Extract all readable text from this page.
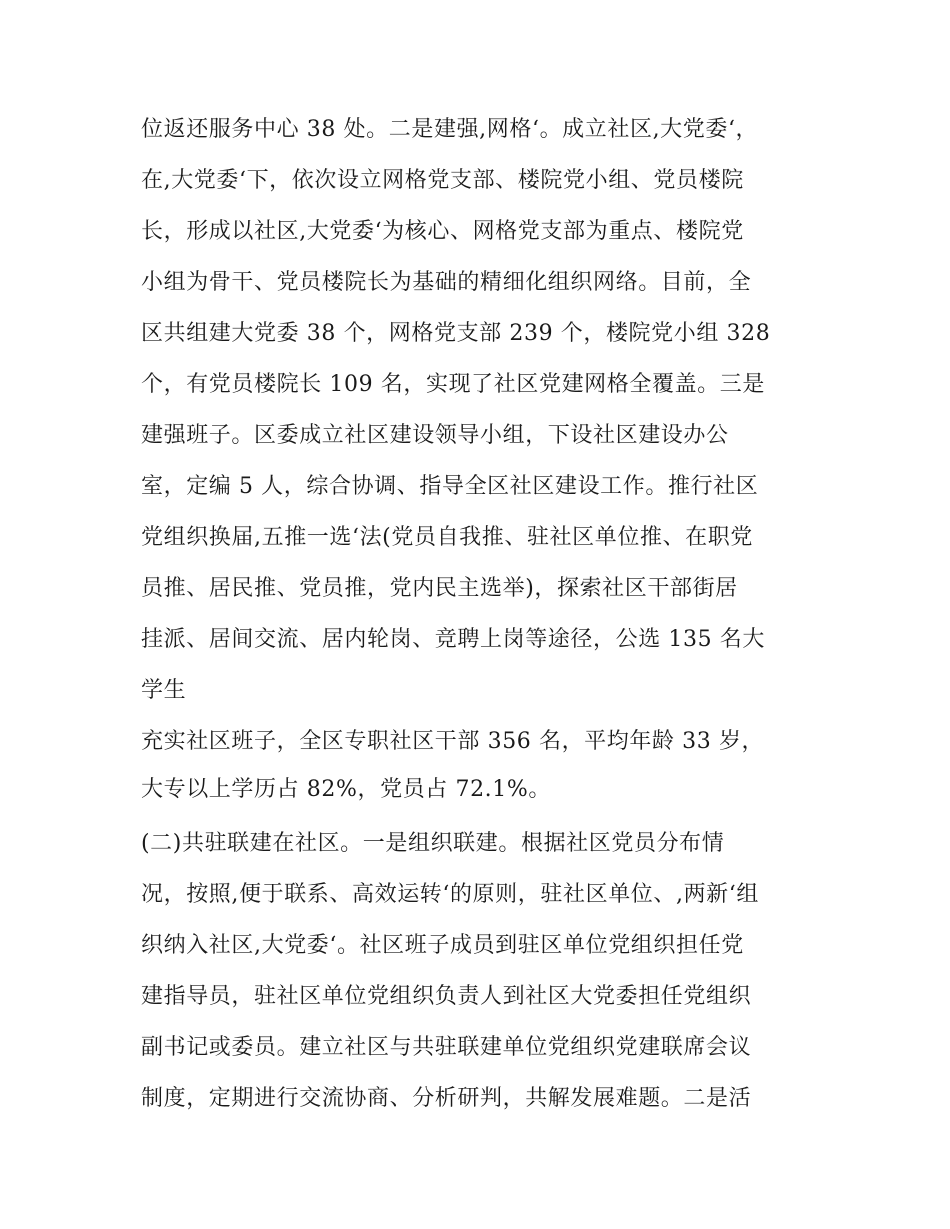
位返还服务中心 38 处。二是建强,网格‘。成立社区,大党委‘，
在,大党委‘下，依次设立网格党支部、楼院党小组、党员楼院
长，形成以社区,大党委‘为核心、网格党支部为重点、楼院党
小组为骨干、党员楼院长为基础的精细化组织网络。目前，全
区共组建大党委 38 个，网格党支部 239 个，楼院党小组 328
个，有党员楼院长 109 名，实现了社区党建网格全覆盖。三是
建强班子。区委成立社区建设领导小组，下设社区建设办公
室，定编 5 人，综合协调、指导全区社区建设工作。推行社区
党组织换届,五推一选‘法(党员自我推、驻社区单位推、在职党
员推、居民推、党员推，党内民主选举)，探索社区干部街居
挂派、居间交流、居内轮岗、竞聘上岗等途径，公选 135 名大
学生
充实社区班子，全区专职社区干部 356 名，平均年龄 33 岁，
大专以上学历占 82%，党员占 72.1%。
(二)共驻联建在社区。一是组织联建。根据社区党员分布情
况，按照,便于联系、高效运转‘的原则，驻社区单位、,两新‘组
织纳入社区,大党委‘。社区班子成员到驻区单位党组织担任党
建指导员，驻社区单位党组织负责人到社区大党委担任党组织
副书记或委员。建立社区与共驻联建单位党组织党建联席会议
制度，定期进行交流协商、分析研判，共解发展难题。二是活
